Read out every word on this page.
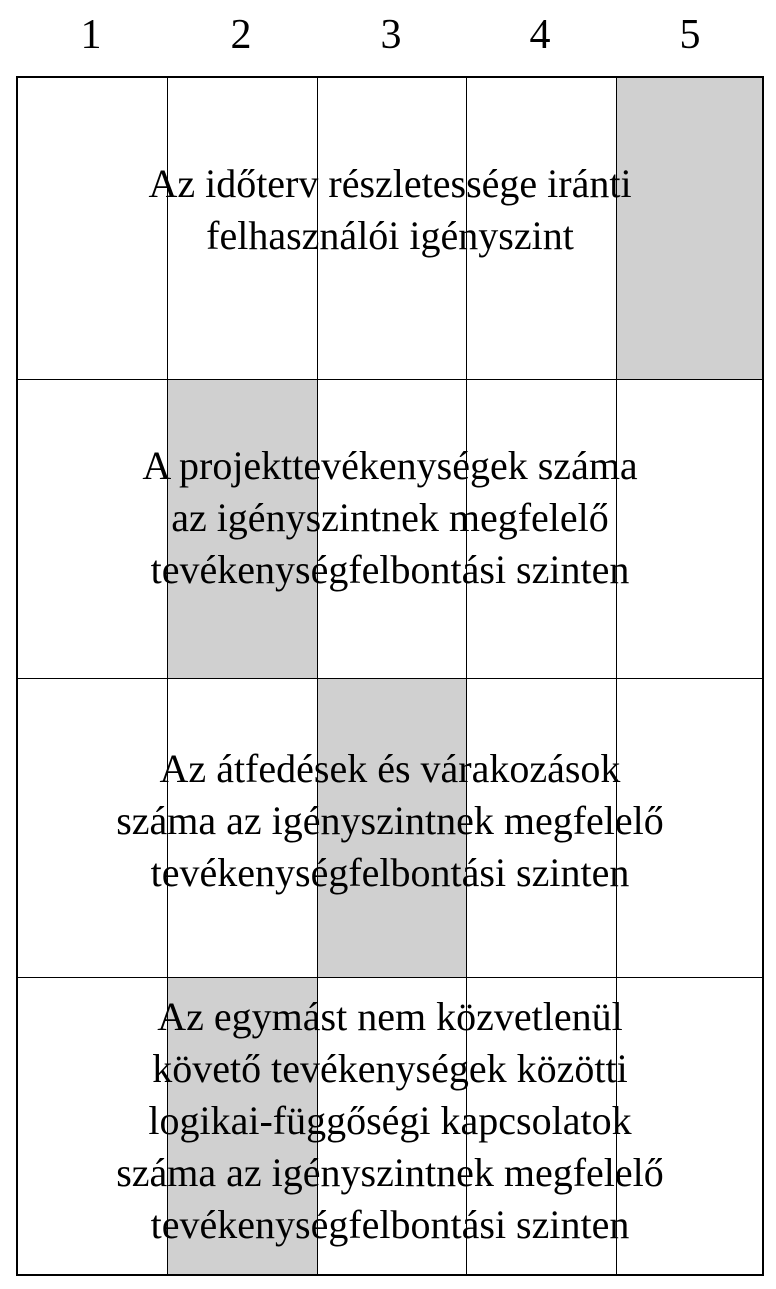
1	2	3	4	5
Az időterv részletessége iránti
felhasználói igényszint
A projekttevékenységek száma
az igényszintnek megfelelő
tevékenységfelbontási szinten
Az átfedések és várakozások
száma az igényszintnek megfelelő
tevékenységfelbontási szinten
Az egymást nem közvetlenül
követő tevékenységek közötti
logikai-függőségi kapcsolatok
száma az igényszintnek megfelelő
tevékenységfelbontási szinten
